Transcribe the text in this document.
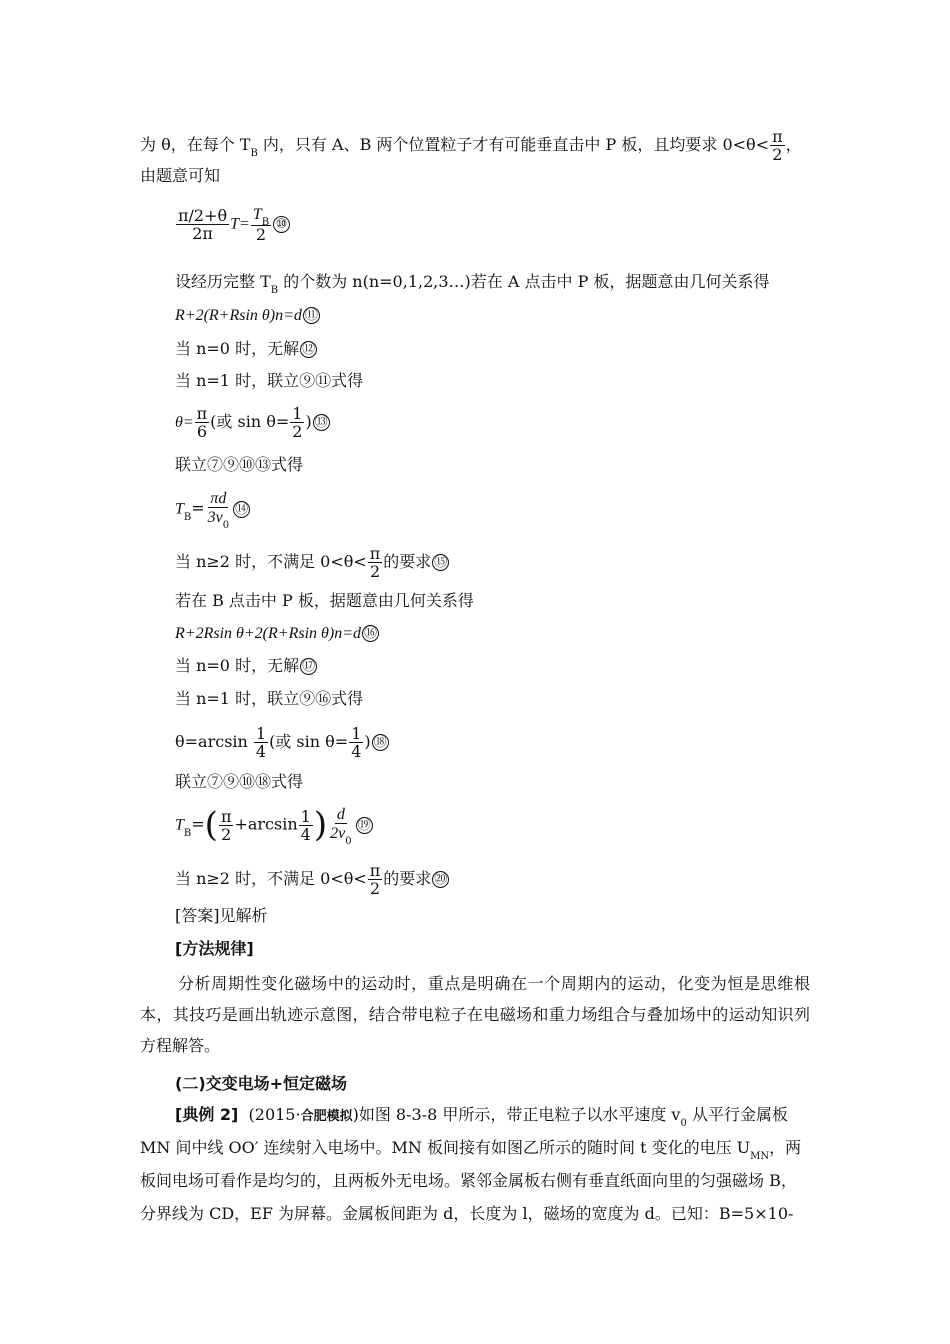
为 θ，在每个 $T_B$ 内，只有 A、B 两个位置粒子才有可能垂直击中 P 板，且均要求 $0<\theta< \frac{\pi}{2}$ ，
由题意可知
$\frac{\pi/2+\theta}{2\pi} T= \frac{T_B}{2}$ ⑩
设经历完整 $T_B$ 的个数为 n(n=0,1,2,3…)若在 A 点击中 P 板，据题意由几何关系得
R+2(R+Rsin θ)n=d ⑪
当 n=0 时，无解 ⑫
当 n=1 时，联立⑨⑪式得
$\theta= \frac{\pi}{6}$ (或 $\sin \theta= \frac{1}{2}$ ) ⑬
联立⑦⑨⑩⑬式得
$T_B= \frac{\pi d}{3v_0}$ ⑭
当 n≥2 时，不满足 $0<\theta< \frac{\pi}{2}$ 的要求 ⑮
若在 B 点击中 P 板，据题意由几何关系得
R+2Rsin θ+2(R+Rsin θ)n=d ⑯
当 n=0 时，无解 ⑰
当 n=1 时，联立⑨⑯式得
$\theta=\arcsin \frac{1}{4}$ (或 $\sin \theta= \frac{1}{4}$ ) ⑱
联立⑦⑨⑩⑱式得
$T_B=( \frac{\pi}{2} +\arcsin \frac{1}{4}$ ) $\frac{d}{2v_0}$ ⑲
当 n≥2 时，不满足 $0<\theta< \frac{\pi}{2}$ 的要求 ⑳
[答案]见解析
[方法规律]
分析周期性变化磁场中的运动时，重点是明确在一个周期内的运动，化变为恒是思维根本，其技巧是画出轨迹示意图，结合带电粒子在电磁场和重力场组合与叠加场中的运动知识列方程解答。
(二)交变电场+恒定磁场
[典例 2] (2015·合肥模拟)如图 8-3-8 甲所示，带正电粒子以水平速度 $v_0$ 从平行金属板
MN 间中线 OO′ 连续射入电场中。MN 板间接有如图乙所示的随时间 t 变化的电压 $U_{MN}$，两
板间电场可看作是均匀的，且两板外无电场。紧邻金属板右侧有垂直纸面向里的匀强磁场 B，
分界线为 CD，EF 为屏幕。金属板间距为 d，长度为 l，磁场的宽度为 d。已知：B=5×10-
